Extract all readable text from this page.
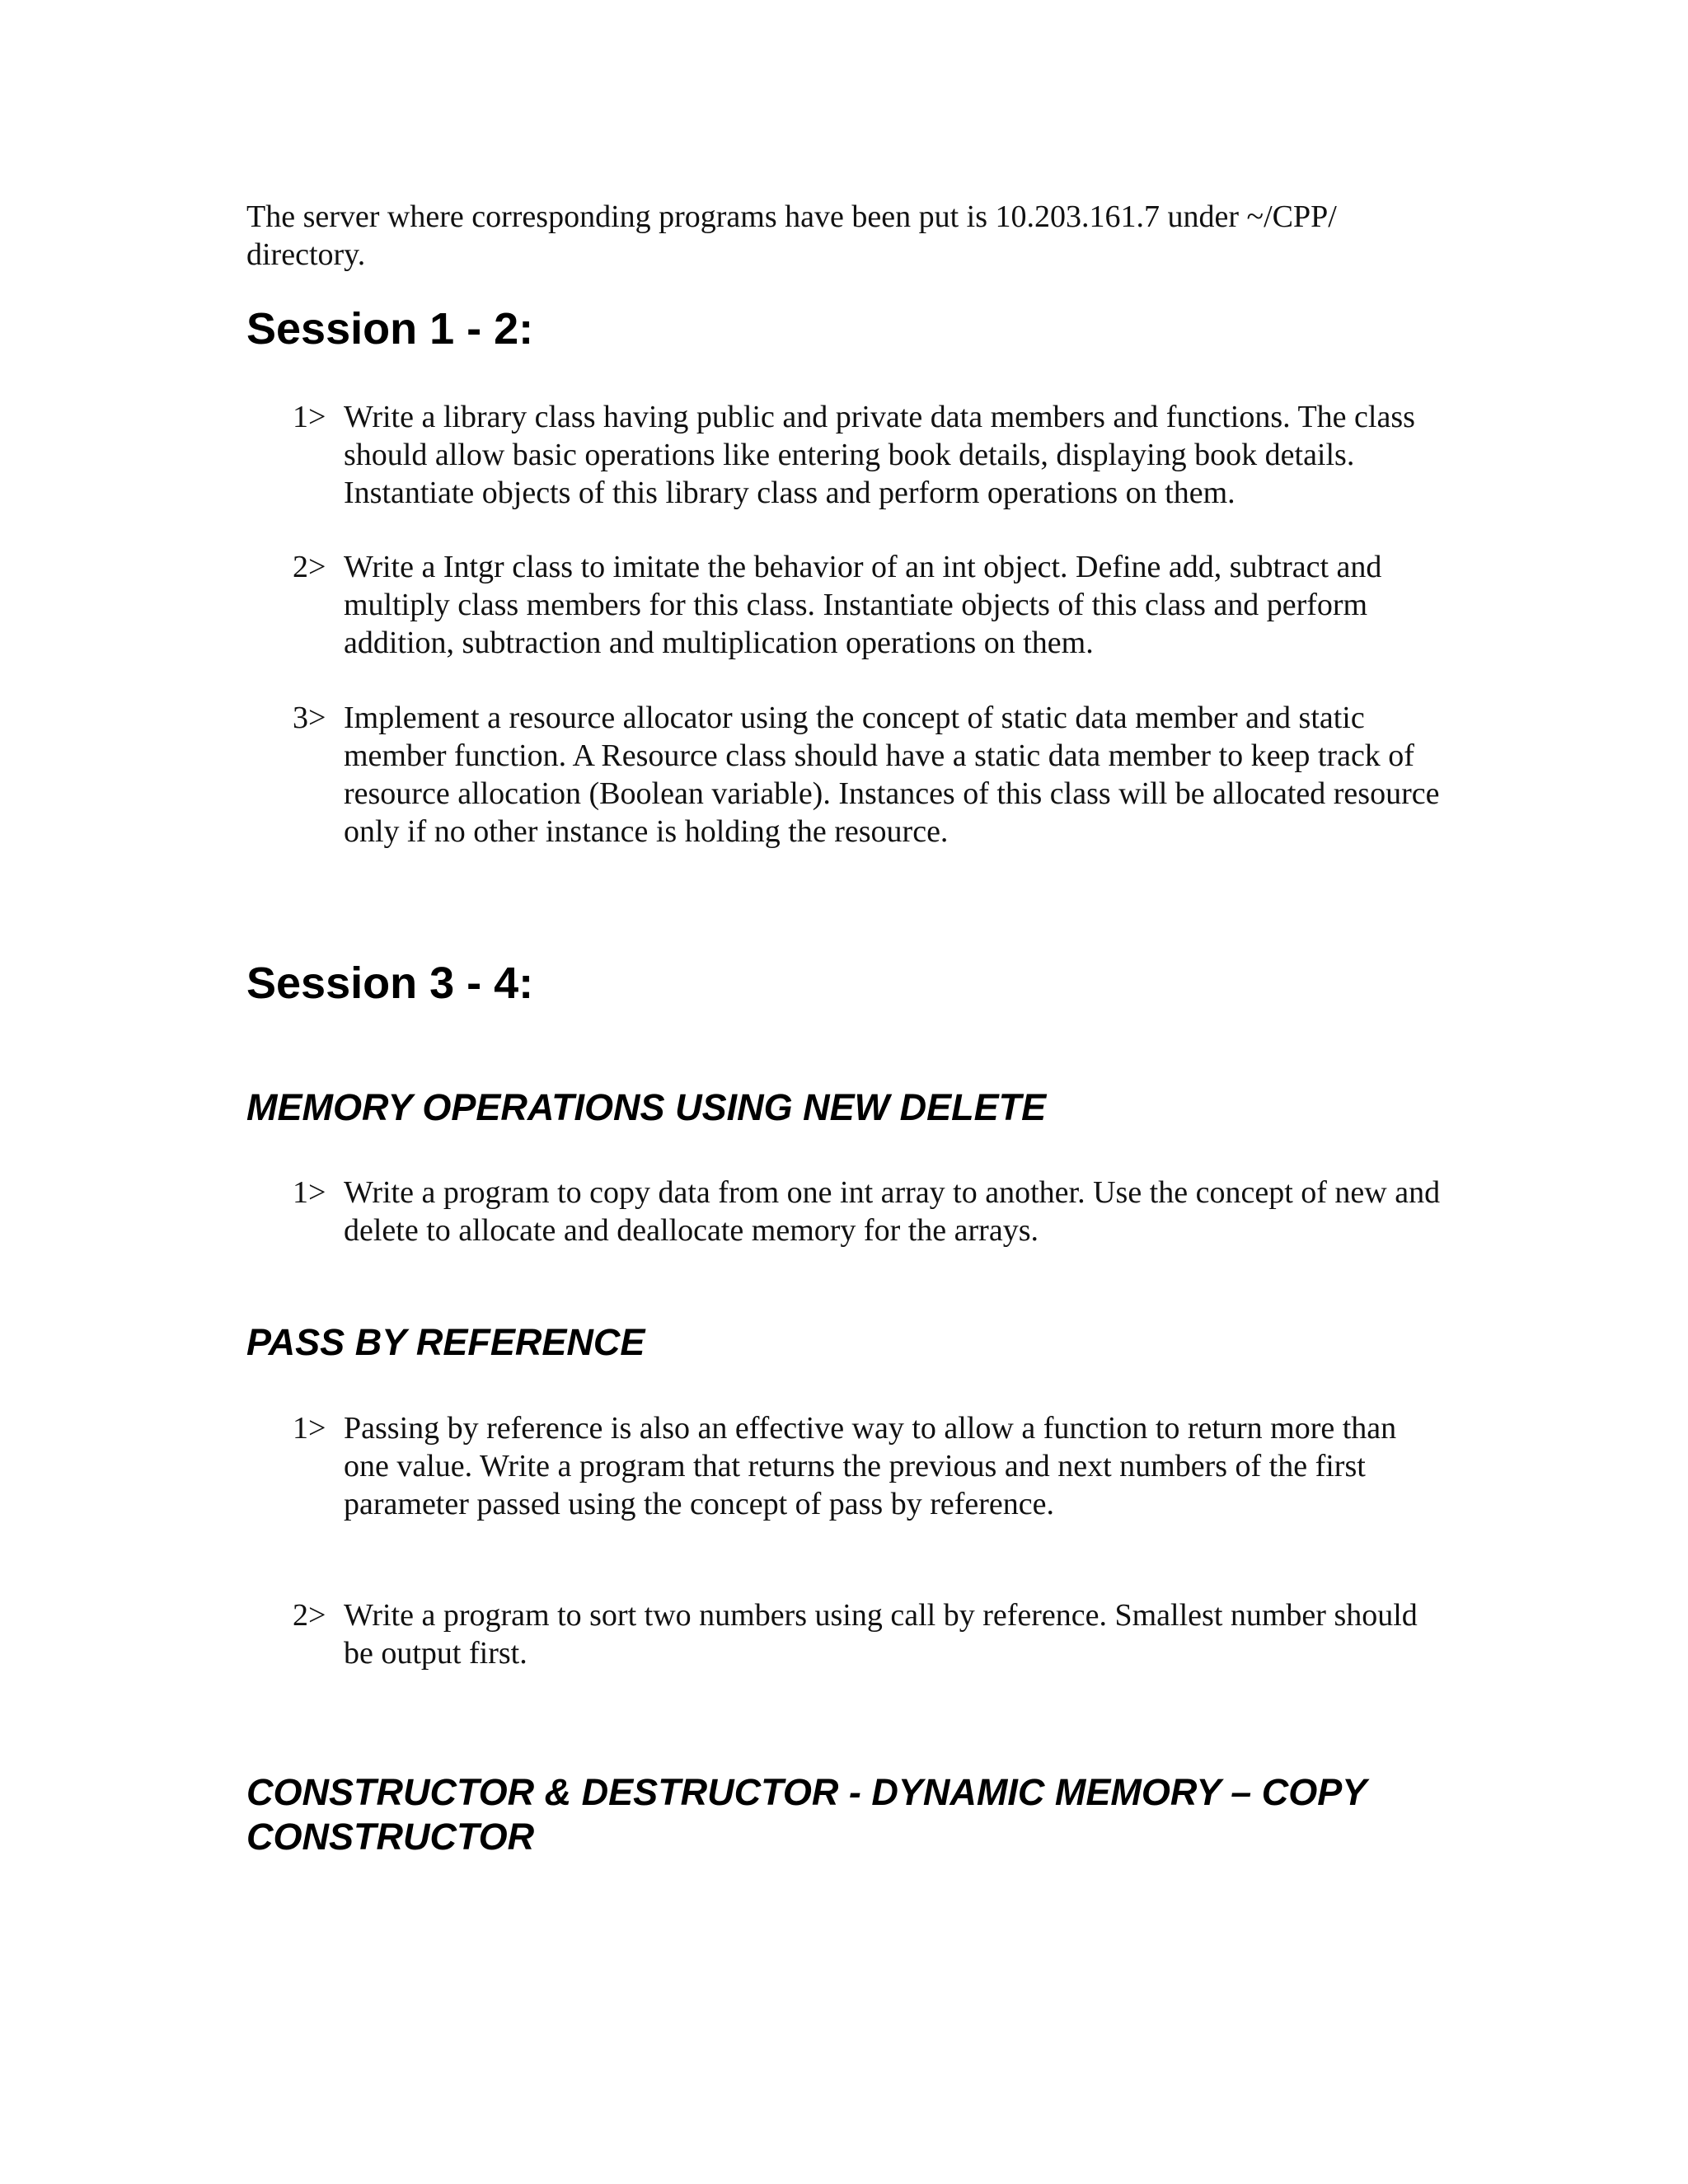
The server where corresponding programs have been put is 10.203.161.7 under ~/CPP/ directory.

Session 1 - 2:
1> Write a library class having public and private data members and functions. The class should allow basic operations like entering book details, displaying book details. Instantiate objects of this library class and perform operations on them.
2> Write a Intgr class to imitate the behavior of an int object. Define add, subtract and multiply class members for this class. Instantiate objects of this class and perform addition, subtraction and multiplication operations on them.
3> Implement a resource allocator using the concept of static data member and static member function. A Resource class should have a static data member to keep track of resource allocation (Boolean variable). Instances of this class will be allocated resource only if no other instance is holding the resource.
Session 3 - 4:
MEMORY OPERATIONS USING NEW DELETE
1> Write a program to copy data from one int array to another. Use the concept of new and delete to allocate and deallocate memory for the arrays.
PASS BY REFERENCE
1> Passing by reference is also an effective way to allow a function to return more than one value. Write a program that returns the previous and next numbers of the first parameter passed using the concept of pass by reference.
2> Write a program to sort two numbers using call by reference. Smallest number should be output first.
CONSTRUCTOR & DESTRUCTOR - DYNAMIC MEMORY – COPY CONSTRUCTOR
